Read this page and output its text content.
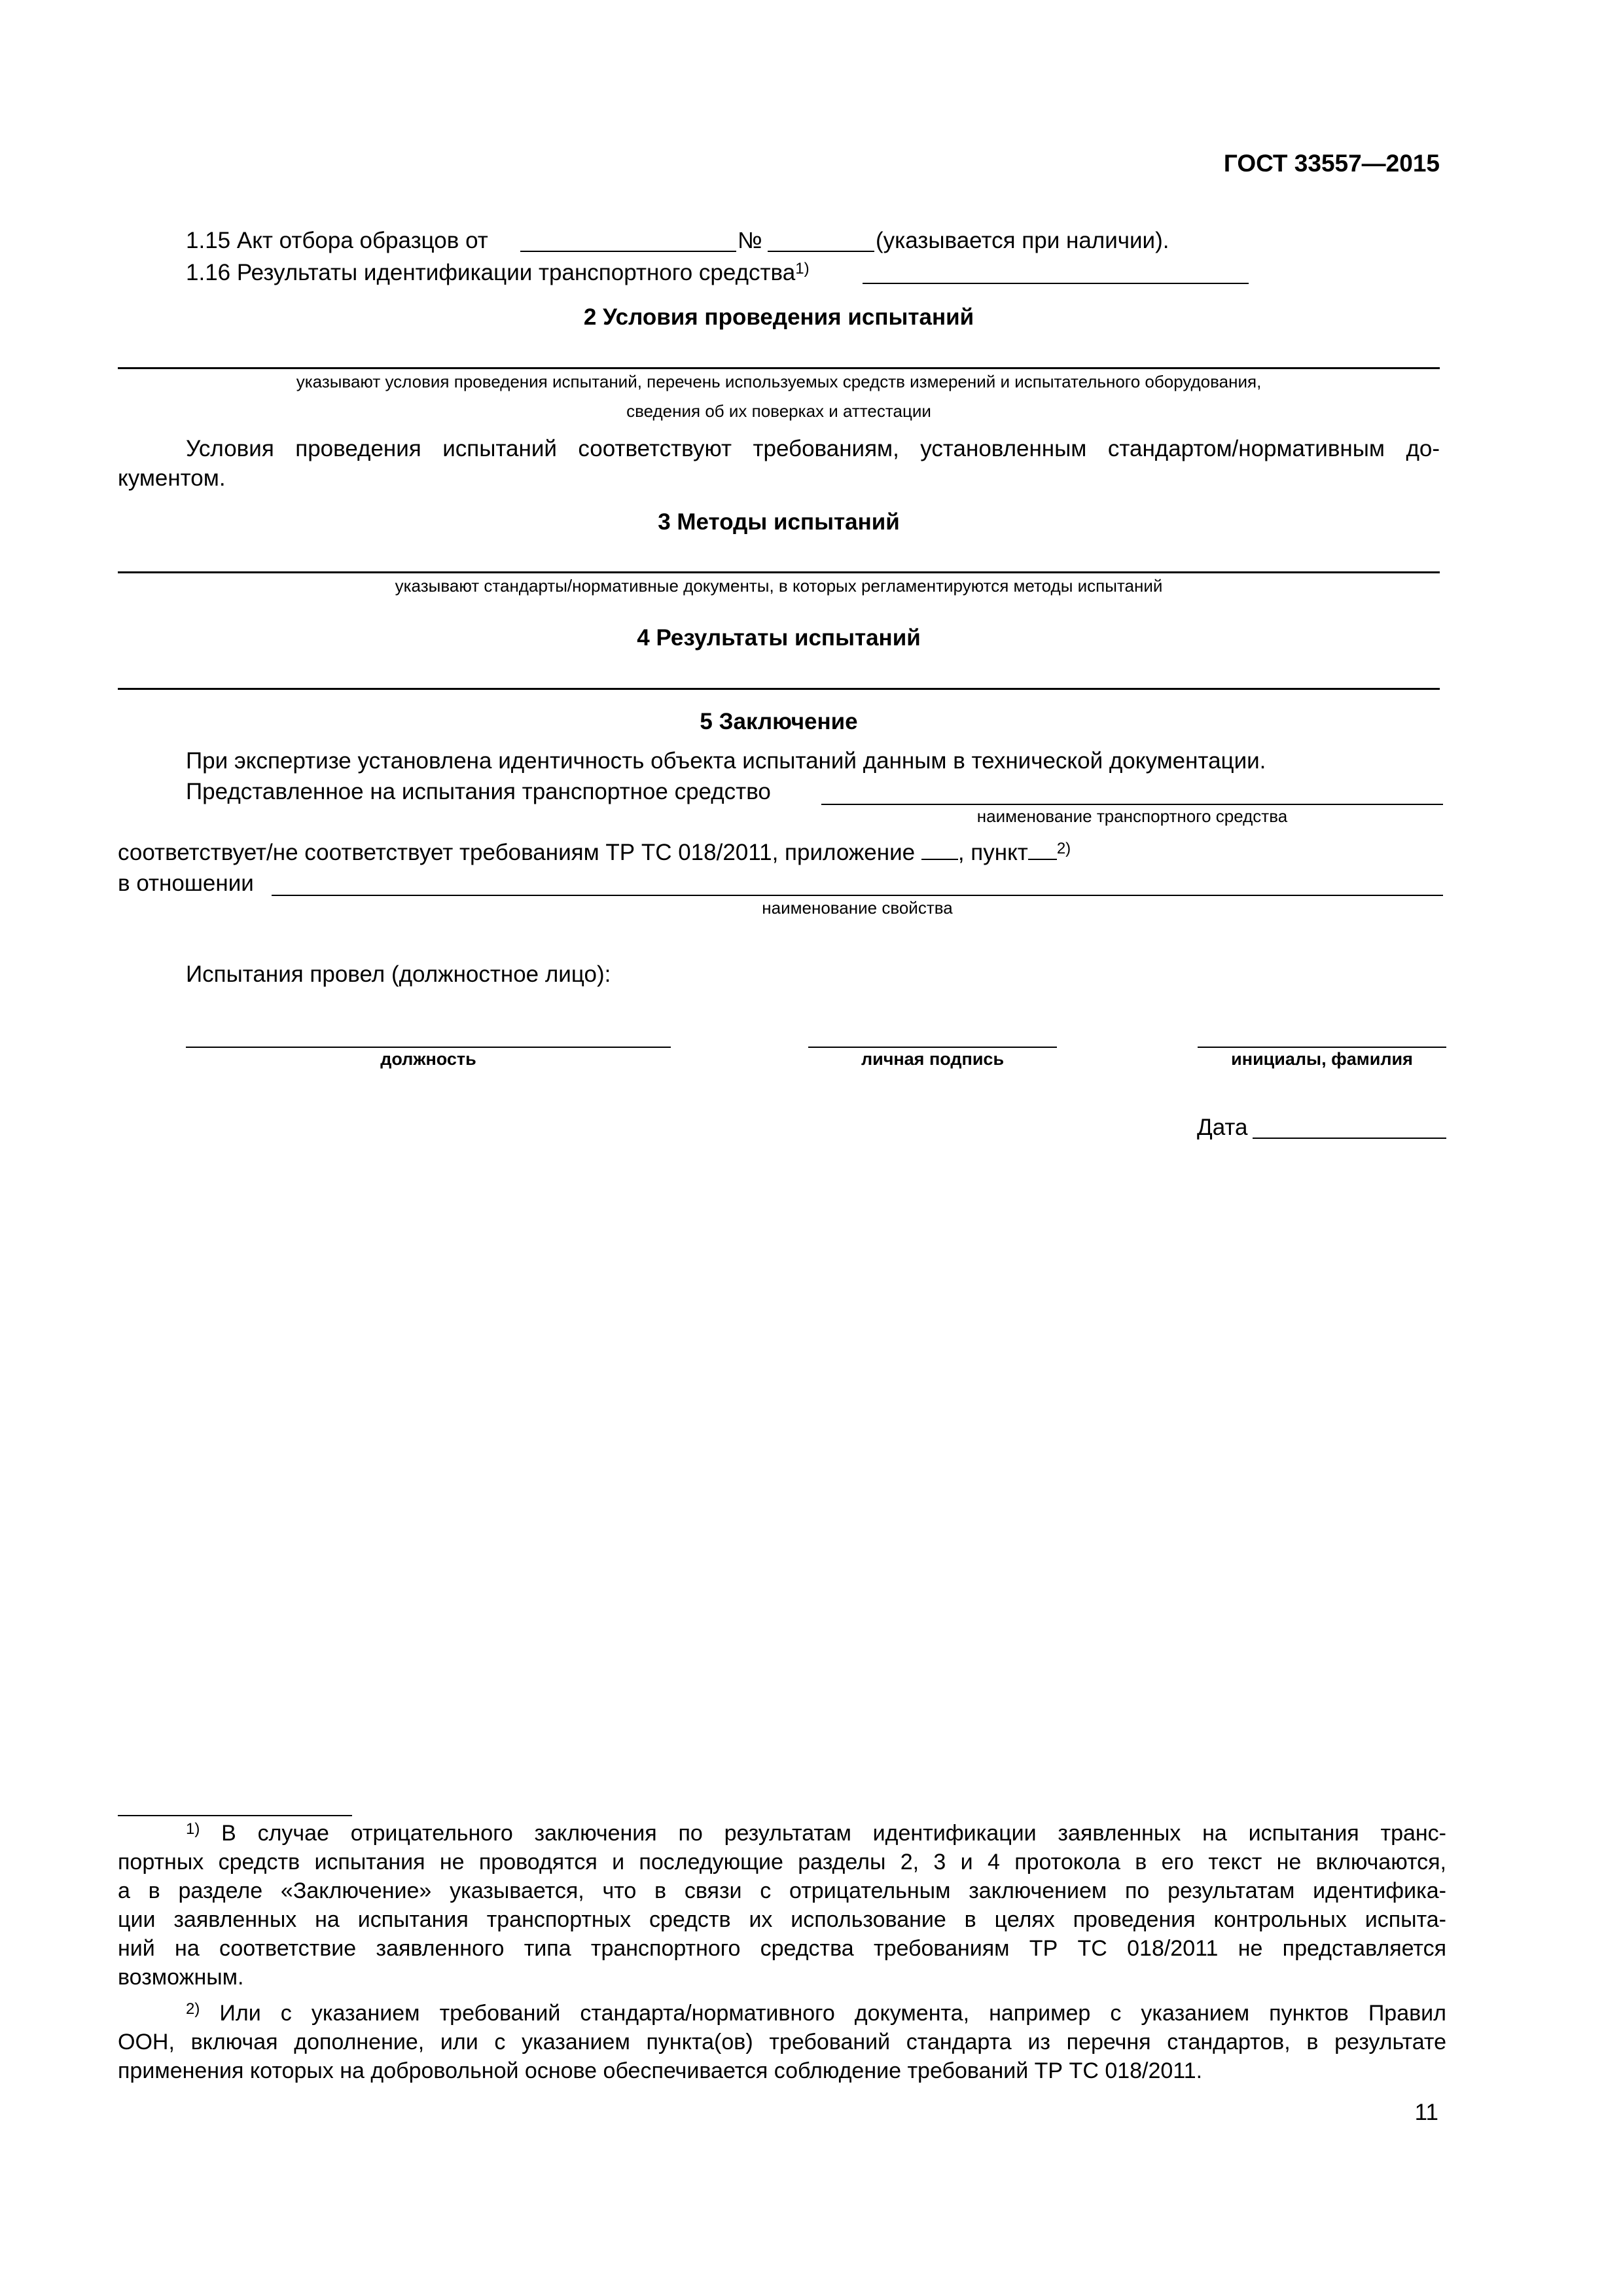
ГОСТ 33557—2015
1.15 Акт отбора образцов от	№	(указывается при наличии).
1.16 Результаты идентификации транспортного средства$^{1)}$
2 Условия проведения испытаний
указывают условия проведения испытаний, перечень используемых средств измерений и испытательного оборудования,
сведения об их поверках и аттестации
Условия проведения испытаний соответствуют требованиям, установленным стандартом/нормативным до-
кументом.
3 Методы испытаний
указывают стандарты/нормативные документы, в которых регламентируются методы испытаний
4 Результаты испытаний
5 Заключение
При экспертизе установлена идентичность объекта испытаний данным в технической документации.
Представленное на испытания транспортное средство
наименование транспортного средства
соответствует/не соответствует требованиям ТР ТС 018/2011, приложение , пункт $^{2)}$
в отношении
наименование свойства
Испытания провел (должностное лицо):
должность	личная подпись	инициалы, фамилия
Дата
$^{1)}$ В случае отрицательного заключения по результатам идентификации заявленных на испытания транс-
портных средств испытания не проводятся и последующие разделы 2, 3 и 4 протокола в его текст не включаются,
а в разделе «Заключение» указывается, что в связи с отрицательным заключением по результатам идентифика-
ции заявленных на испытания транспортных средств их использование в целях проведения контрольных испыта-
ний на соответствие заявленного типа транспортного средства требованиям ТР ТС 018/2011 не представляется
возможным.
$^{2)}$ Или с указанием требований стандарта/нормативного документа, например с указанием пунктов Правил
ООН, включая дополнение, или с указанием пункта(ов) требований стандарта из перечня стандартов, в результате
применения которых на добровольной основе обеспечивается соблюдение требований ТР ТС 018/2011.
11
